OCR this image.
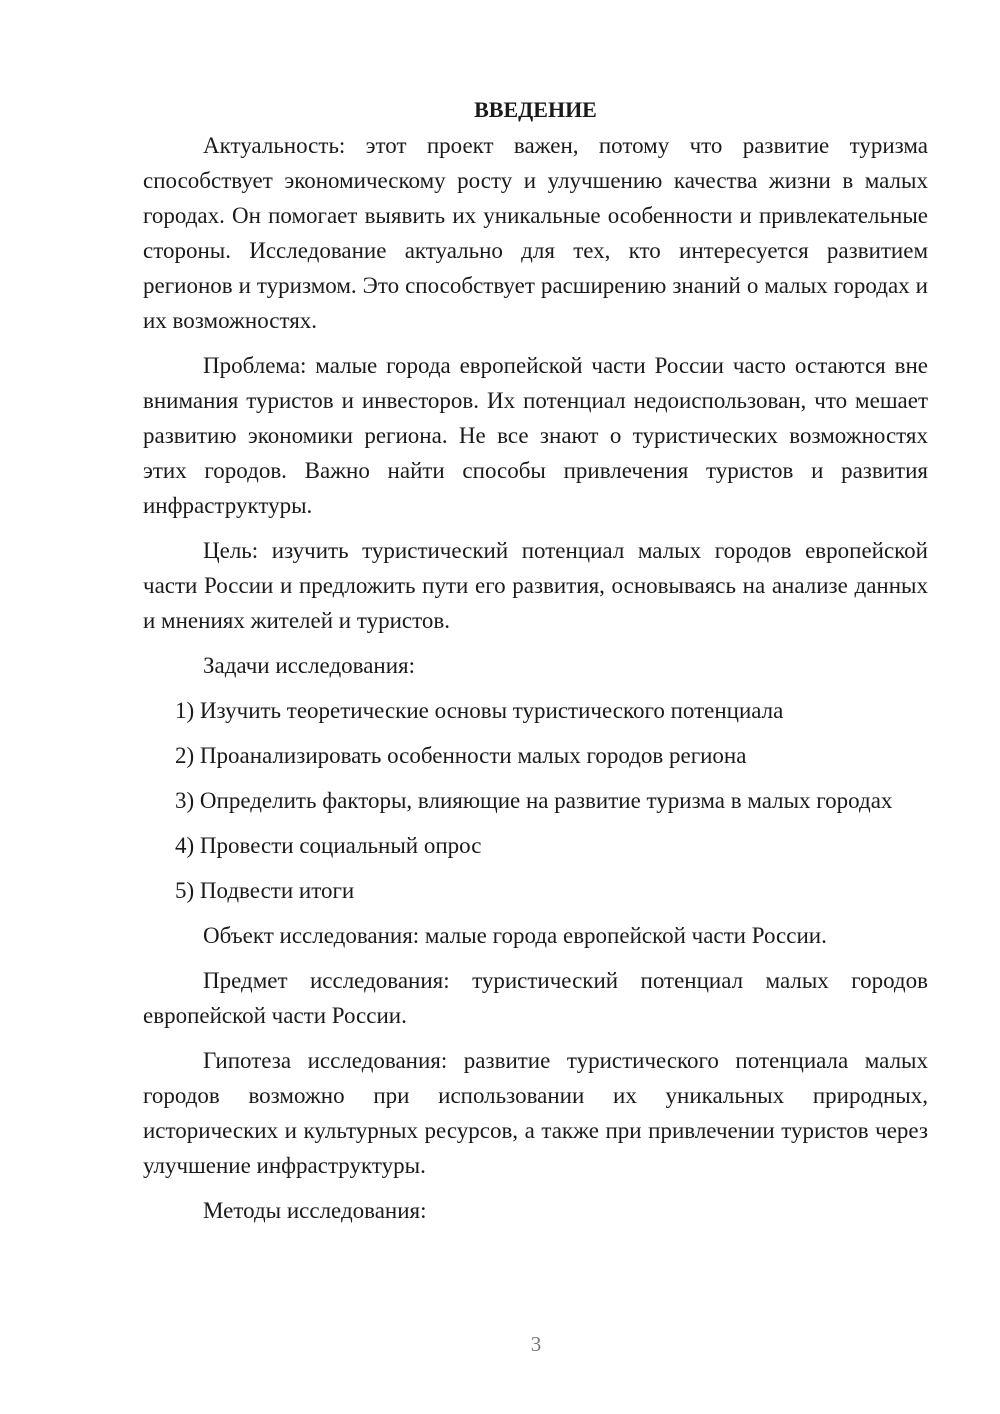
ВВЕДЕНИЕ

Актуальность: этот проект важен, потому что развитие туризма способствует экономическому росту и улучшению качества жизни в малых городах. Он помогает выявить их уникальные особенности и привлекательные стороны. Исследование актуально для тех, кто интересуется развитием регионов и туризмом. Это способствует расширению знаний о малых городах и их возможностях.

Проблема: малые города европейской части России часто остаются вне внимания туристов и инвесторов. Их потенциал недоиспользован, что мешает развитию экономики региона. Не все знают о туристических возможностях этих городов. Важно найти способы привлечения туристов и развития инфраструктуры.

Цель: изучить туристический потенциал малых городов европейской части России и предложить пути его развития, основываясь на анализе данных и мнениях жителей и туристов.

Задачи исследования:

1) Изучить теоретические основы туристического потенциала

2) Проанализировать особенности малых городов региона

3) Определить факторы, влияющие на развитие туризма в малых городах

4) Провести социальный опрос

5) Подвести итоги

Объект исследования: малые города европейской части России.

Предмет исследования: туристический потенциал малых городов европейской части России.

Гипотеза исследования: развитие туристического потенциала малых городов возможно при использовании их уникальных природных, исторических и культурных ресурсов, а также при привлечении туристов через улучшение инфраструктуры.

Методы исследования:

3
